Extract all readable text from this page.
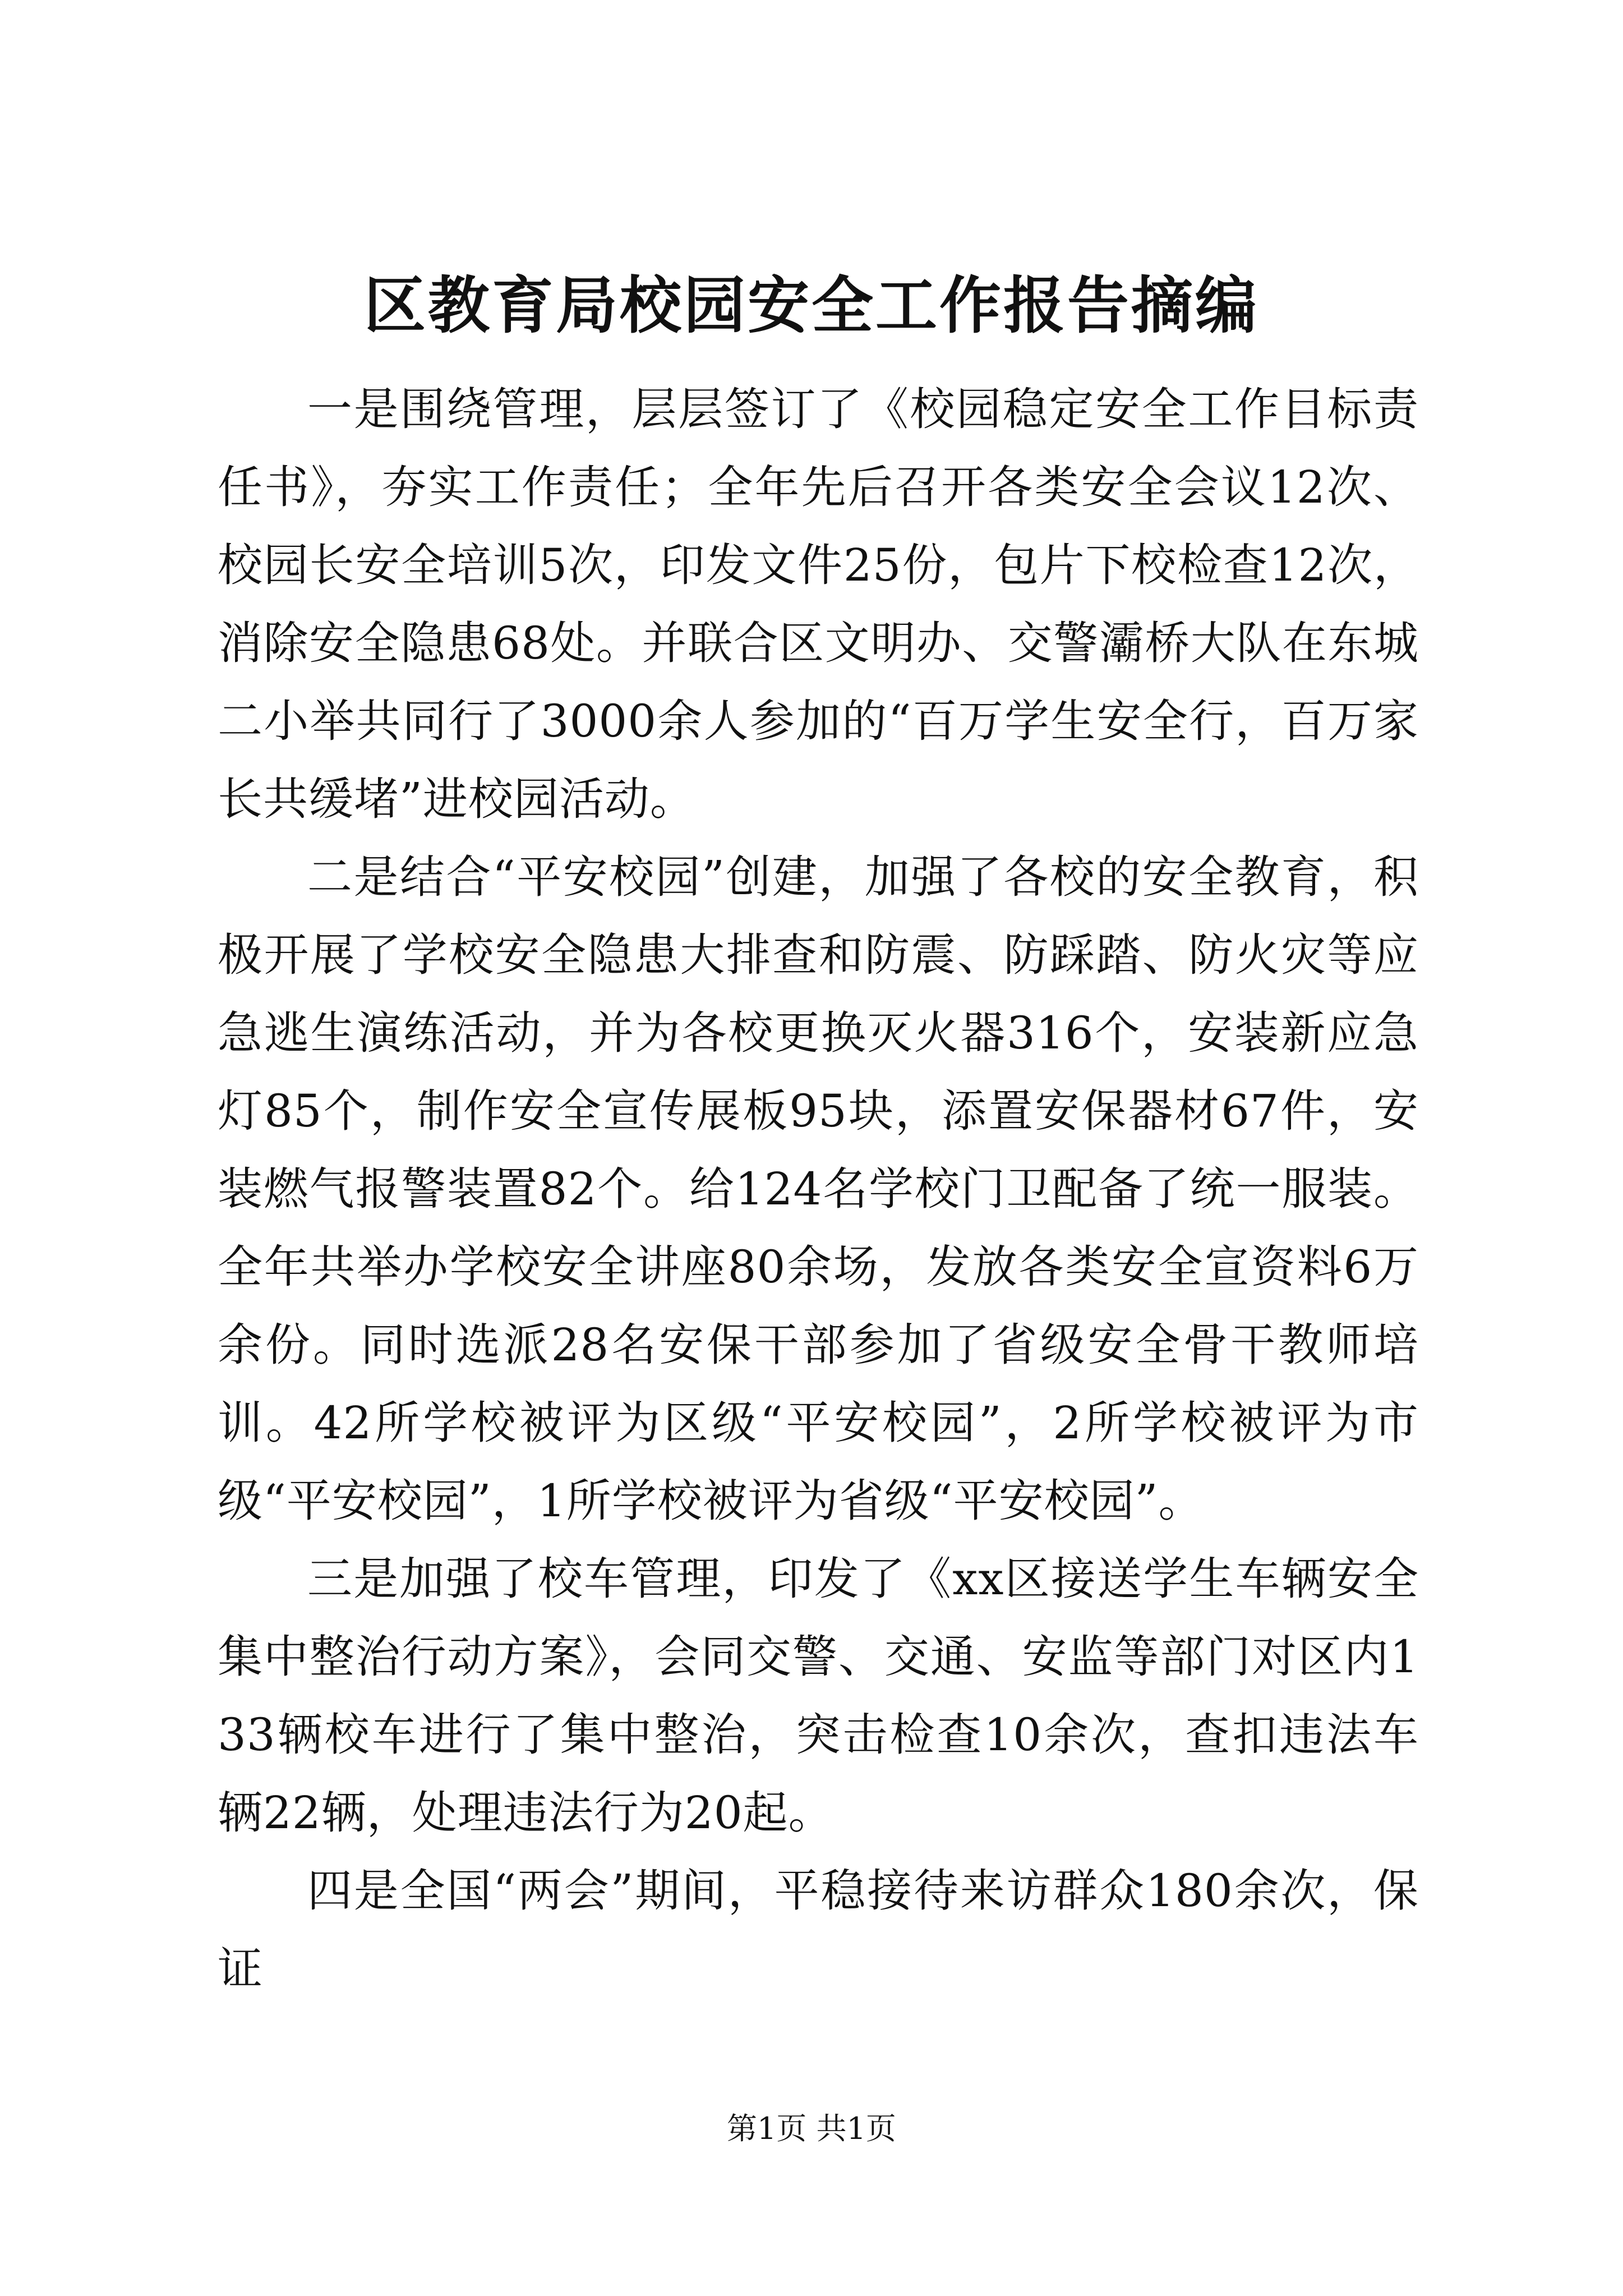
区教育局校园安全工作报告摘编

一是围绕管理，层层签订了《校园稳定安全工作目标责任书》，夯实工作责任；全年先后召开各类安全会议12次、校园长安全培训5次，印发文件25份，包片下校检查12次，消除安全隐患68处。并联合区文明办、交警灞桥大队在东城二小举共同行了3000余人参加的“百万学生安全行，百万家长共缓堵”进校园活动。

二是结合“平安校园”创建，加强了各校的安全教育，积极开展了学校安全隐患大排查和防震、防踩踏、防火灾等应急逃生演练活动，并为各校更换灭火器316个，安装新应急灯85个，制作安全宣传展板95块，添置安保器材67件，安装燃气报警装置82个。给124名学校门卫配备了统一服装。全年共举办学校安全讲座80余场，发放各类安全宣资料6万余份。同时选派28名安保干部参加了省级安全骨干教师培训。42所学校被评为区级“平安校园”，2所学校被评为市级“平安校园”，1所学校被评为省级“平安校园”。

三是加强了校车管理，印发了《xx区接送学生车辆安全集中整治行动方案》，会同交警、交通、安监等部门对区内133辆校车进行了集中整治，突击检查10余次，查扣违法车辆22辆，处理违法行为20起。

四是全国“两会”期间，平稳接待来访群众180余次，保证

第1页 共1页
